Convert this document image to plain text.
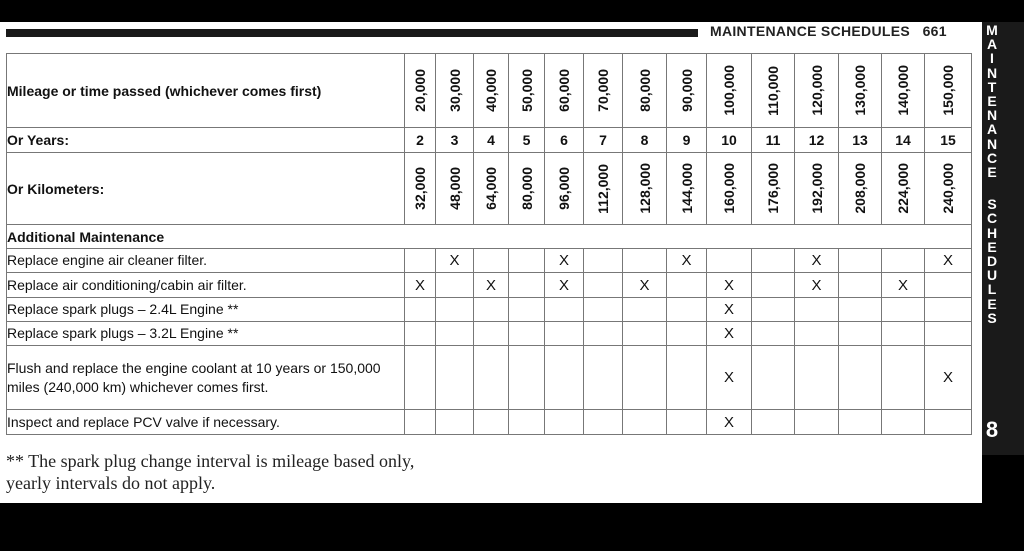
MAINTENANCE SCHEDULES 661	M
A
I
N
T
E
N
A
N
C
E
S
C
H
E
D
U
L
E
S
8
Mileage or time passed (whichever comes first)	20,000	30,000	40,000	50,000	60,000	70,000	80,000	90,000	100,000	110,000	120,000	130,000	140,000	150,000

Or Years:	2	3	4	5	6	7	8	9	10	11	12	13	14	15
Or Kilometers:	32,000	48,000	64,000	80,000	96,000	112,000	128,000	144,000	160,000	176,000	192,000	208,000	224,000	240,000

Additional Maintenance														
Replace engine air cleaner filter.		X			X			X			X			X
Replace air conditioning/cabin air filter.	X		X		X		X		X		X		X	
Replace spark plugs – 2.4L Engine **									X					
Replace spark plugs – 3.2L Engine **									X					
Flush and replace the engine coolant at 10 years or 150,000 miles (240,000 km) whichever comes first.									X					X
Inspect and replace PCV valve if necessary.									X					
** The spark plug change interval is mileage based only,
yearly intervals do not apply.
